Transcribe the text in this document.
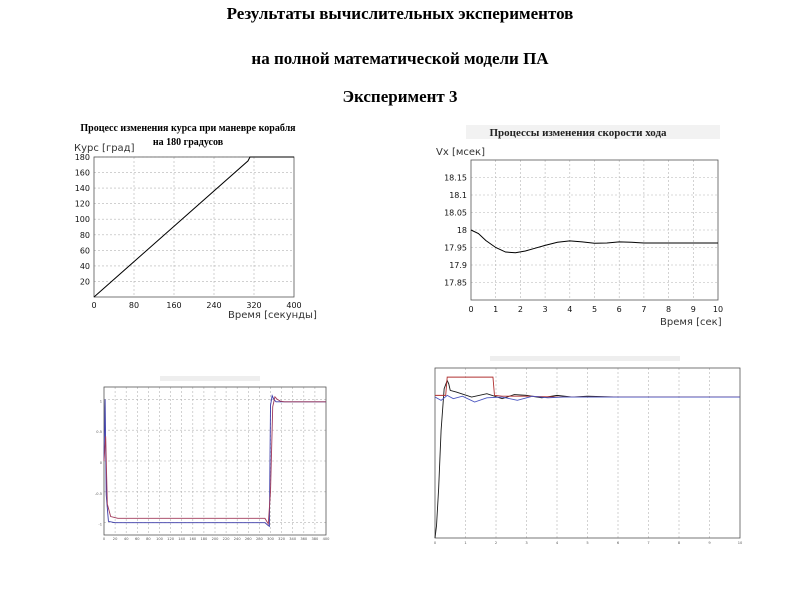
Результаты вычислительных экспериментов
на полной математической модели ПА
Эксперимент 3
Процесс изменения курса при маневре корабля
на 180 градусов
Курс [град]
Время [секунды]
0	80	160	240	320	400
20
40
60
80
100
120
140
160
180
Процессы изменения скорости хода
Vx [мсек]
Время [сек]
0 1 2 3 4 5 6 7 8 9 10
18.15
18.1
18.05
18
17.95
17.9
17.85
0 20 40 60 80 100 120 140 160 180 200 220 240 260 280 300 320 340 360 380 400
1
0.5
0
-0.5
-1
0	1	2	3	4	5	6	7	8	9	10
